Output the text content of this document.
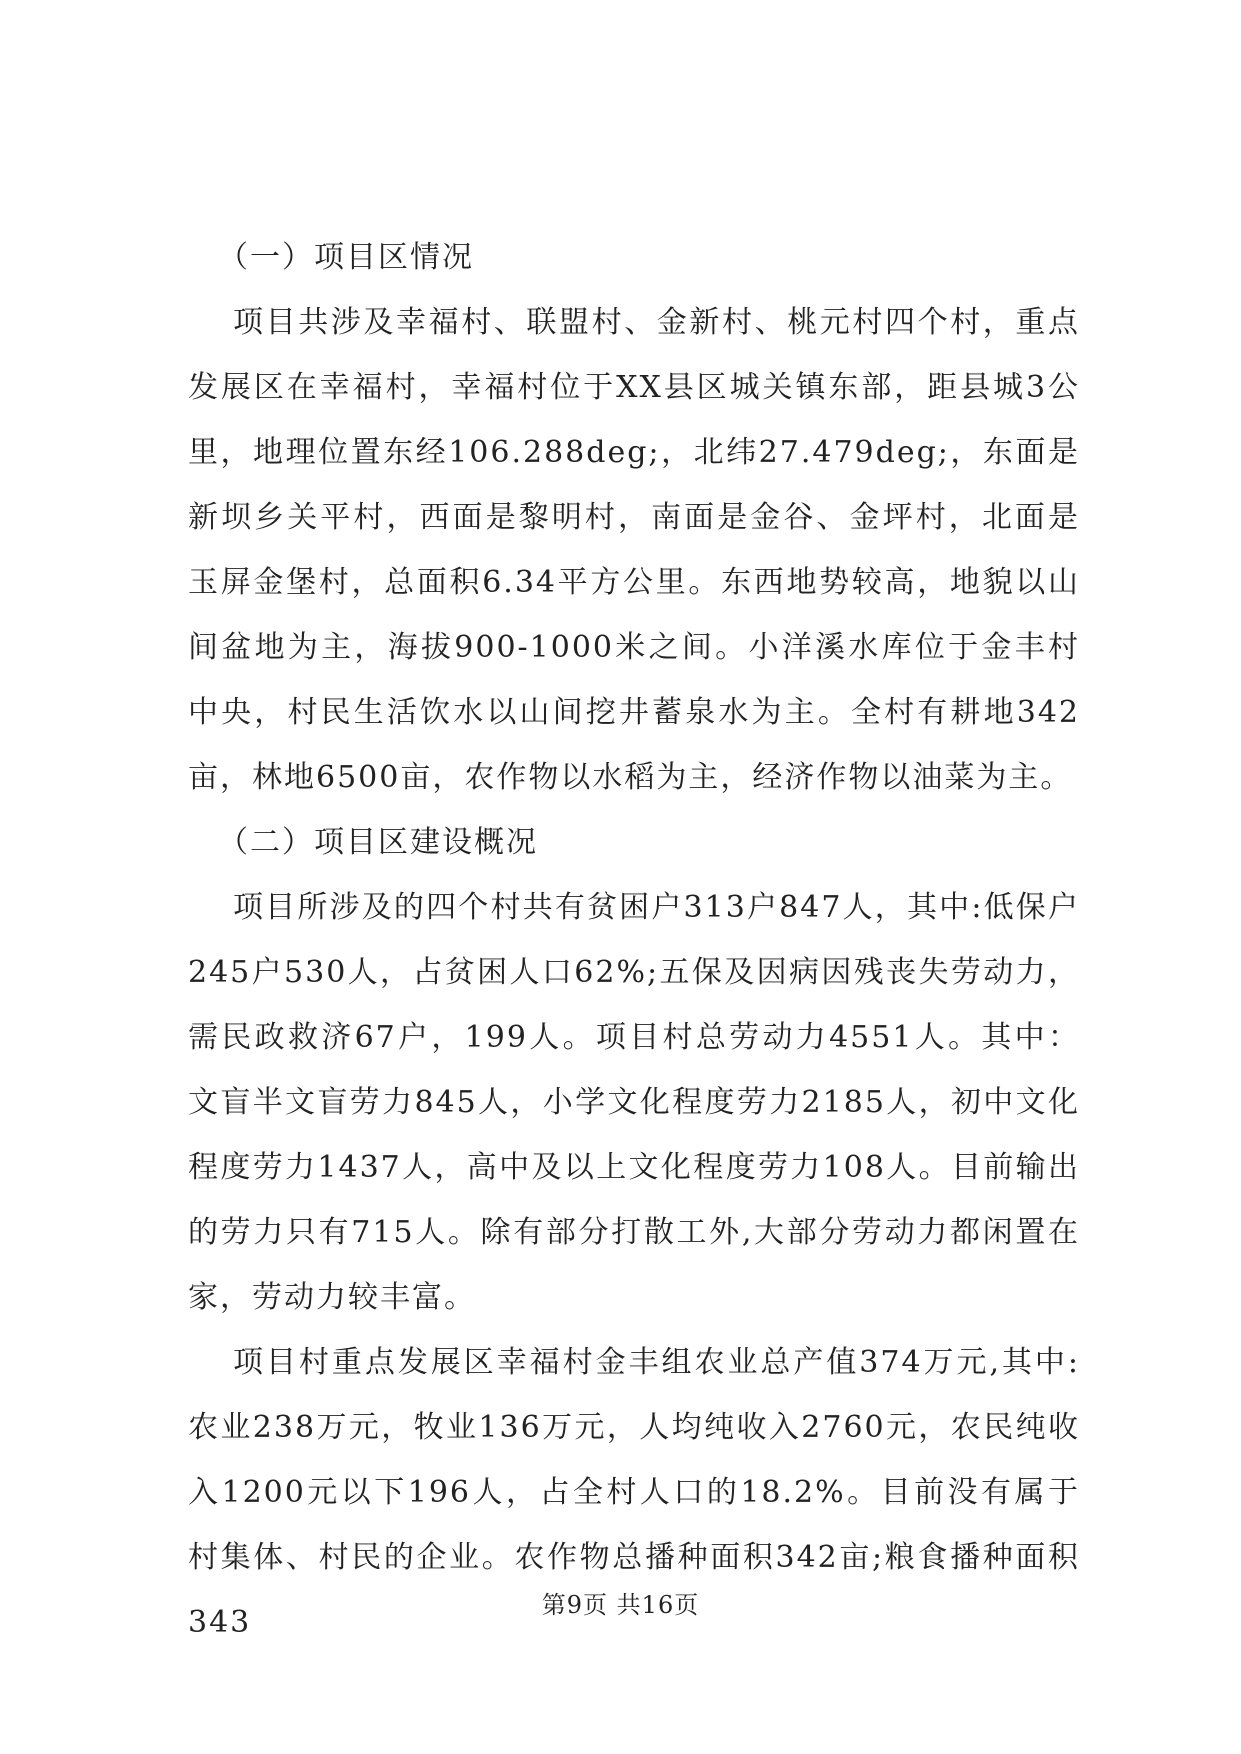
（一）项目区情况

项目共涉及幸福村、联盟村、金新村、桃元村四个村，重点发展区在幸福村，幸福村位于XX县区城关镇东部，距县城3公里，地理位置东经106.288deg;，北纬27.479deg;，东面是新坝乡关平村，西面是黎明村，南面是金谷、金坪村，北面是玉屏金堡村，总面积6.34平方公里。东西地势较高，地貌以山间盆地为主，海拔900-1000米之间。小洋溪水库位于金丰村中央，村民生活饮水以山间挖井蓄泉水为主。全村有耕地342亩，林地6500亩，农作物以水稻为主，经济作物以油菜为主。

（二）项目区建设概况

项目所涉及的四个村共有贫困户313户847人，其中:低保户245户530人，占贫困人口62%;五保及因病因残丧失劳动力，需民政救济67户，199人。项目村总劳动力4551人。其中：文盲半文盲劳力845人，小学文化程度劳力2185人，初中文化程度劳力1437人，高中及以上文化程度劳力108人。目前输出的劳力只有715人。除有部分打散工外,大部分劳动力都闲置在家，劳动力较丰富。

项目村重点发展区幸福村金丰组农业总产值374万元,其中:农业238万元，牧业136万元，人均纯收入2760元，农民纯收入1200元以下196人，占全村人口的18.2%。目前没有属于村集体、村民的企业。农作物总播种面积342亩;粮食播种面积343	第9页 共16页
